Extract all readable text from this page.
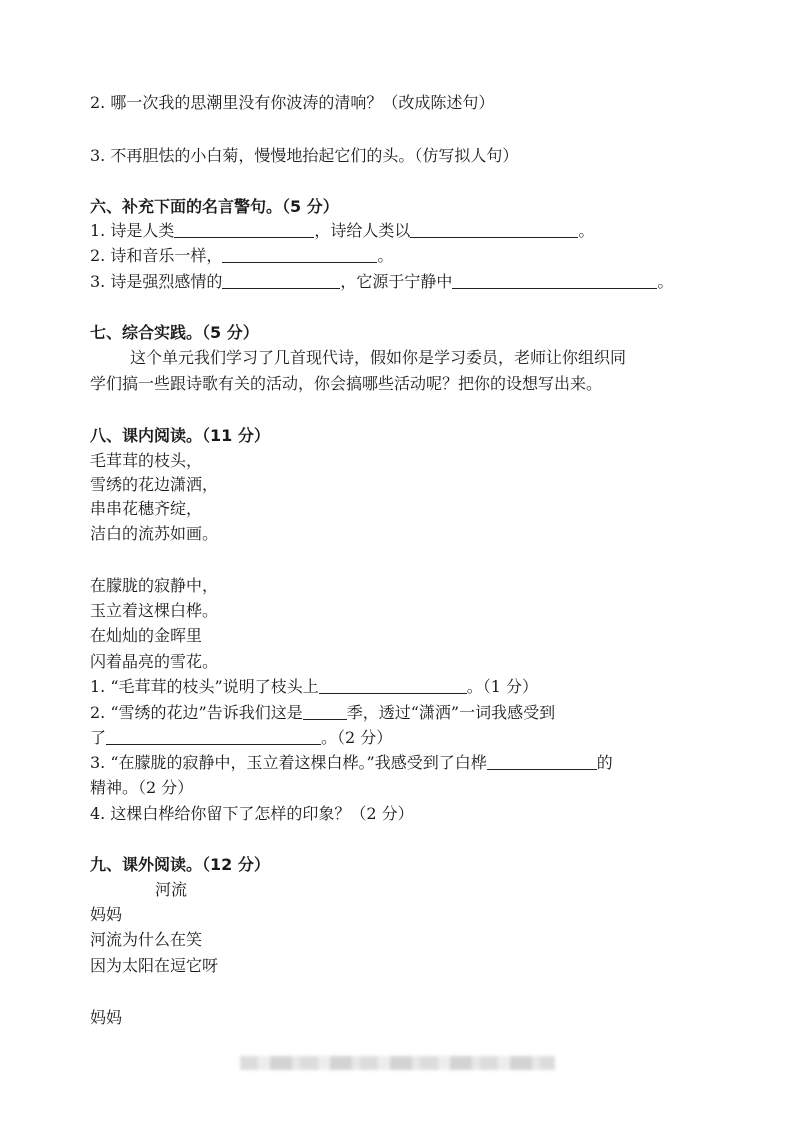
2. 哪一次我的思潮里没有你波涛的清响？（改成陈述句）
3. 不再胆怯的小白菊，慢慢地抬起它们的头。（仿写拟人句）
六、补充下面的名言警句。（5 分）
1. 诗是人类	，诗给人类以	。
2. 诗和音乐一样，	。
3. 诗是强烈感情的	，它源于宁静中	。
七、综合实践。（5 分）
这个单元我们学习了几首现代诗，假如你是学习委员，老师让你组织同
学们搞一些跟诗歌有关的活动，你会搞哪些活动呢？把你的设想写出来。
八、课内阅读。（11 分）
毛茸茸的枝头，
雪绣的花边潇洒，
串串花穗齐绽，
洁白的流苏如画。
在朦胧的寂静中，
玉立着这棵白桦。
在灿灿的金晖里
闪着晶亮的雪花。
1. “毛茸茸的枝头”说明了枝头上	。（1 分）
2. “雪绣的花边”告诉我们这是	季，透过“潇洒”一词我感受到
了	。（2 分）
3. “在朦胧的寂静中，玉立着这棵白桦。”我感受到了白桦	的
精神。（2 分）
4. 这棵白桦给你留下了怎样的印象？（2 分）
九、课外阅读。（12 分）
河流
妈妈
河流为什么在笑
因为太阳在逗它呀
妈妈
